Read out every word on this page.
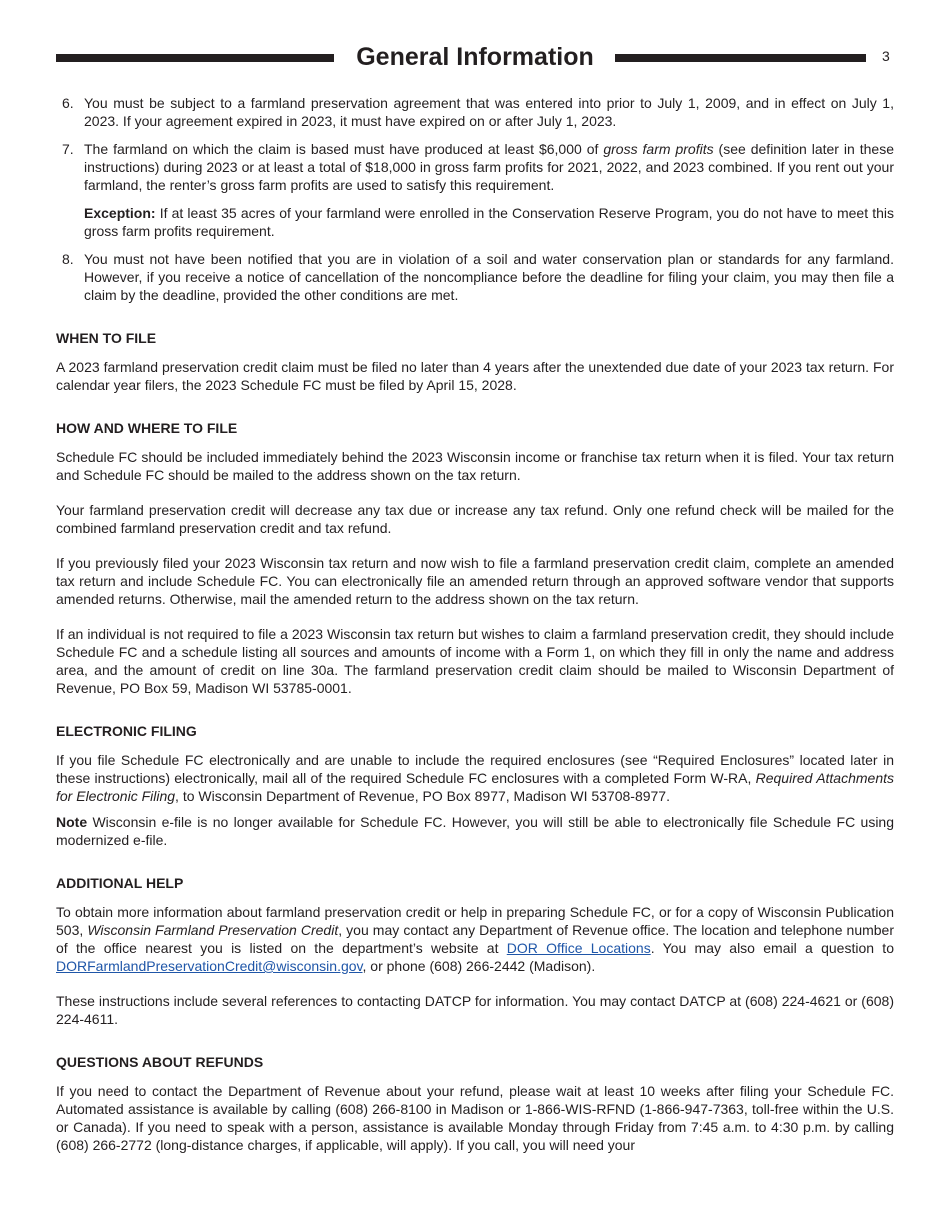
General Information	3
6. You must be subject to a farmland preservation agreement that was entered into prior to July 1, 2009, and in effect on July 1, 2023. If your agreement expired in 2023, it must have expired on or after July 1, 2023.
7. The farmland on which the claim is based must have produced at least $6,000 of gross farm profits (see definition later in these instructions) during 2023 or at least a total of $18,000 in gross farm profits for 2021, 2022, and 2023 combined. If you rent out your farmland, the renter’s gross farm profits are used to satisfy this requirement.
Exception: If at least 35 acres of your farmland were enrolled in the Conservation Reserve Program, you do not have to meet this gross farm profits requirement.
8. You must not have been notified that you are in violation of a soil and water conservation plan or standards for any farmland. However, if you receive a notice of cancellation of the noncompliance before the deadline for filing your claim, you may then file a claim by the deadline, provided the other conditions are met.
WHEN TO FILE

A 2023 farmland preservation credit claim must be filed no later than 4 years after the unextended due date of your 2023 tax return. For calendar year filers, the 2023 Schedule FC must be filed by April 15, 2028.

HOW AND WHERE TO FILE

Schedule FC should be included immediately behind the 2023 Wisconsin income or franchise tax return when it is filed. Your tax return and Schedule FC should be mailed to the address shown on the tax return.

Your farmland preservation credit will decrease any tax due or increase any tax refund. Only one refund check will be mailed for the combined farmland preservation credit and tax refund.

If you previously filed your 2023 Wisconsin tax return and now wish to file a farmland preservation credit claim, complete an amended tax return and include Schedule FC. You can electronically file an amended return through an approved software vendor that supports amended returns. Otherwise, mail the amended return to the address shown on the tax return.

If an individual is not required to file a 2023 Wisconsin tax return but wishes to claim a farmland preservation credit, they should include Schedule FC and a schedule listing all sources and amounts of income with a Form 1, on which they fill in only the name and address area, and the amount of credit on line 30a. The farmland preservation credit claim should be mailed to Wisconsin Department of Revenue, PO Box 59, Madison WI 53785-0001.

ELECTRONIC FILING

If you file Schedule FC electronically and are unable to include the required enclosures (see “Required Enclosures” located later in these instructions) electronically, mail all of the required Schedule FC enclosures with a completed Form W-RA, Required Attachments for Electronic Filing, to Wisconsin Department of Revenue, PO Box 8977, Madison WI 53708-8977.

Note Wisconsin e-file is no longer available for Schedule FC. However, you will still be able to electronically file Schedule FC using modernized e-file.

ADDITIONAL HELP

To obtain more information about farmland preservation credit or help in preparing Schedule FC, or for a copy of Wisconsin Publication 503, Wisconsin Farmland Preservation Credit, you may contact any Department of Revenue office. The location and telephone number of the office nearest you is listed on the department’s website at DOR Office Locations. You may also email a question to DORFarmlandPreservationCredit@wisconsin.gov, or phone (608) 266-2442 (Madison).

These instructions include several references to contacting DATCP for information. You may contact DATCP at (608) 224-4621 or (608) 224-4611.

QUESTIONS ABOUT REFUNDS

If you need to contact the Department of Revenue about your refund, please wait at least 10 weeks after filing your Schedule FC. Automated assistance is available by calling (608) 266-8100 in Madison or 1-866-WIS-RFND (1-866-947-7363, toll-free within the U.S. or Canada). If you need to speak with a person, assistance is available Monday through Friday from 7:45 a.m. to 4:30 p.m. by calling (608) 266-2772 (long-distance charges, if applicable, will apply). If you call, you will need your
